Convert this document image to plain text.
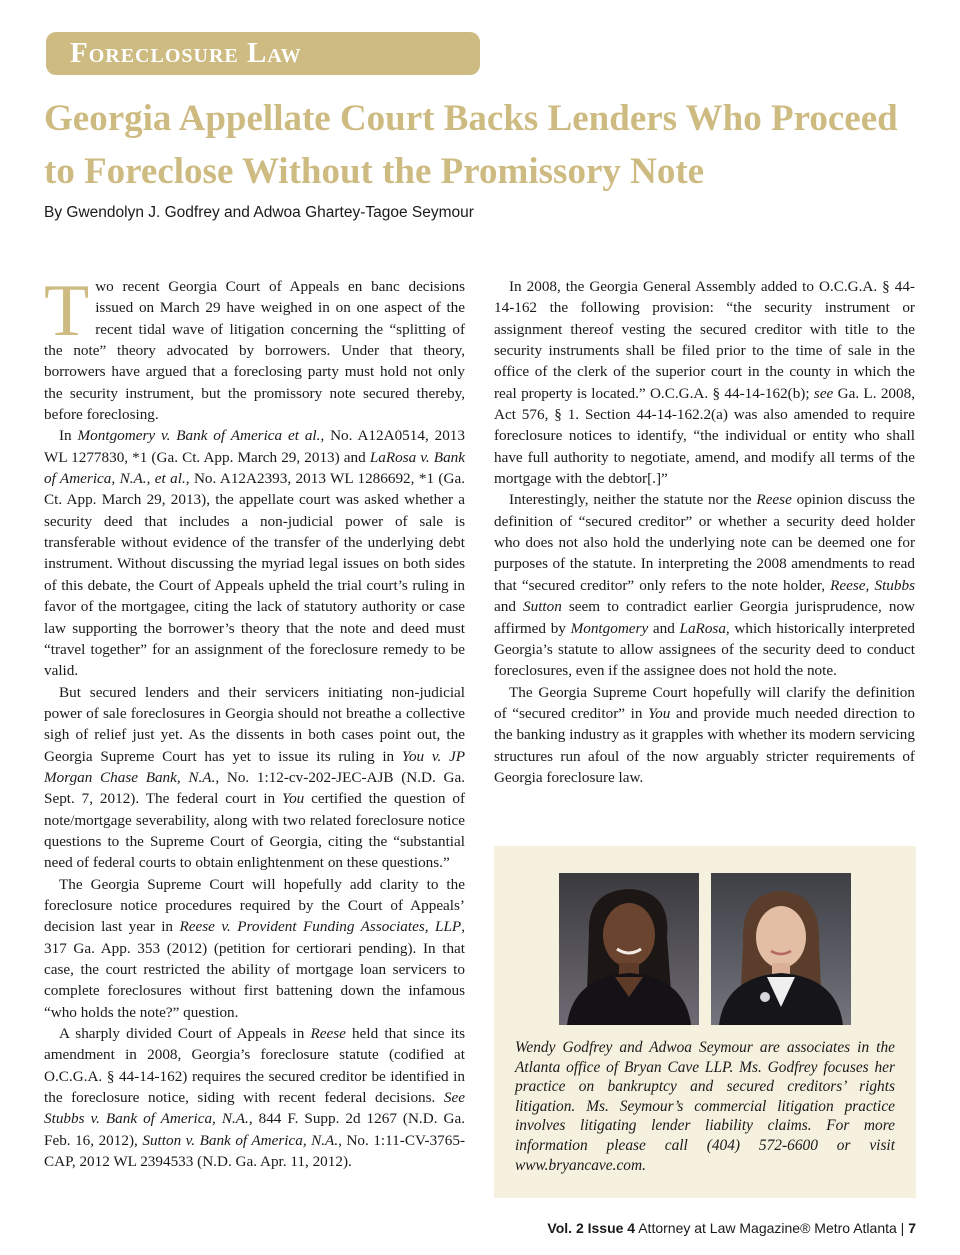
Foreclosure Law
Georgia Appellate Court Backs Lenders Who Proceed to Foreclose Without the Promissory Note
By Gwendolyn J. Godfrey and Adwoa Ghartey-Tagoe Seymour

Two recent Georgia Court of Appeals en banc decisions issued on March 29 have weighed in on one aspect of the recent tidal wave of litigation concerning the “splitting of the note” theory advocated by borrowers. Under that theory, borrowers have argued that a foreclosing party must hold not only the security instrument, but the promissory note secured thereby, before foreclosing.

In Montgomery v. Bank of America et al., No. A12A0514, 2013 WL 1277830, *1 (Ga. Ct. App. March 29, 2013) and LaRosa v. Bank of America, N.A., et al., No. A12A2393, 2013 WL 1286692, *1 (Ga. Ct. App. March 29, 2013), the appellate court was asked whether a security deed that includes a non-judicial power of sale is transferable without evidence of the transfer of the underlying debt instrument. Without discussing the myriad legal issues on both sides of this debate, the Court of Appeals upheld the trial court’s ruling in favor of the mortgagee, citing the lack of statutory authority or case law supporting the borrower’s theory that the note and deed must “travel together” for an assignment of the foreclosure remedy to be valid.

But secured lenders and their servicers initiating non-judicial power of sale foreclosures in Georgia should not breathe a collective sigh of relief just yet. As the dissents in both cases point out, the Georgia Supreme Court has yet to issue its ruling in You v. JP Morgan Chase Bank, N.A., No. 1:12-cv-202-JEC-AJB (N.D. Ga. Sept. 7, 2012). The federal court in You certified the question of note/mortgage severability, along with two related foreclosure notice questions to the Supreme Court of Georgia, citing the “substantial need of federal courts to obtain enlightenment on these questions.”

The Georgia Supreme Court will hopefully add clarity to the foreclosure notice procedures required by the Court of Appeals’ decision last year in Reese v. Provident Funding Associates, LLP, 317 Ga. App. 353 (2012) (petition for certiorari pending). In that case, the court restricted the ability of mortgage loan servicers to complete foreclosures without first battening down the infamous “who holds the note?” question.

A sharply divided Court of Appeals in Reese held that since its amendment in 2008, Georgia’s foreclosure statute (codified at O.C.G.A. § 44-14-162) requires the secured creditor be identified in the foreclosure notice, siding with recent federal decisions. See Stubbs v. Bank of America, N.A., 844 F. Supp. 2d 1267 (N.D. Ga. Feb. 16, 2012), Sutton v. Bank of America, N.A., No. 1:11-CV-3765-CAP, 2012 WL 2394533 (N.D. Ga. Apr. 11, 2012).

In 2008, the Georgia General Assembly added to O.C.G.A. § 44-14-162 the following provision: “the security instrument or assignment thereof vesting the secured creditor with title to the security instruments shall be filed prior to the time of sale in the office of the clerk of the superior court in the county in which the real property is located.” O.C.G.A. § 44-14-162(b); see Ga. L. 2008, Act 576, § 1. Section 44-14-162.2(a) was also amended to require foreclosure notices to identify, “the individual or entity who shall have full authority to negotiate, amend, and modify all terms of the mortgage with the debtor[.]”

Interestingly, neither the statute nor the Reese opinion discuss the definition of “secured creditor” or whether a security deed holder who does not also hold the underlying note can be deemed one for purposes of the statute. In interpreting the 2008 amendments to read that “secured creditor” only refers to the note holder, Reese, Stubbs and Sutton seem to contradict earlier Georgia jurisprudence, now affirmed by Montgomery and LaRosa, which historically interpreted Georgia’s statute to allow assignees of the security deed to conduct foreclosures, even if the assignee does not hold the note.

The Georgia Supreme Court hopefully will clarify the definition of “secured creditor” in You and provide much needed direction to the banking industry as it grapples with whether its modern servicing structures run afoul of the now arguably stricter requirements of Georgia foreclosure law.

Wendy Godfrey and Adwoa Seymour are associates in the Atlanta office of Bryan Cave LLP. Ms. Godfrey focuses her practice on bankruptcy and secured creditors’ rights litigation. Ms. Seymour’s commercial litigation practice involves litigating lender liability claims. For more information please call (404) 572-6600 or visit www.bryancave.com.
Vol. 2 Issue 4 Attorney at Law Magazine® Metro Atlanta | 7
